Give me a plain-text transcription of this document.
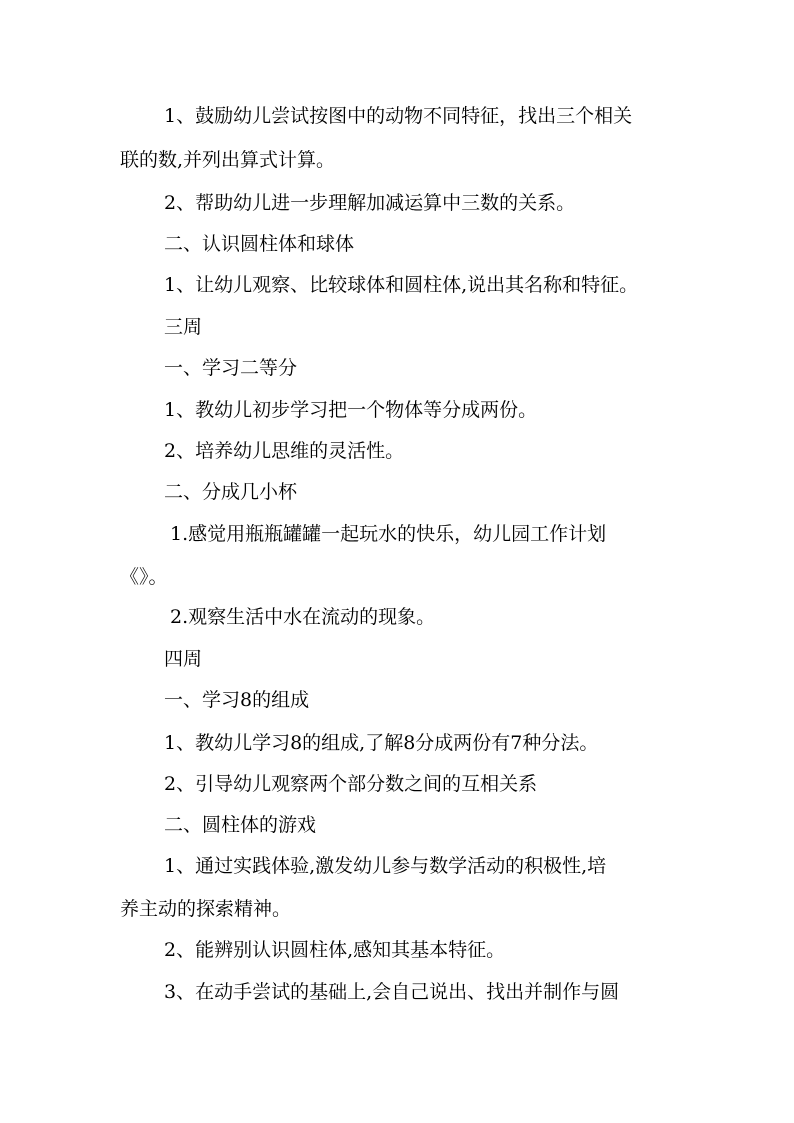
1、鼓励幼儿尝试按图中的动物不同特征，找出三个相关
联的数,并列出算式计算。
2、帮助幼儿进一步理解加减运算中三数的关系。
二、认识圆柱体和球体
1、让幼儿观察、比较球体和圆柱体,说出其名称和特征。
三周
一、学习二等分
1、教幼儿初步学习把一个物体等分成两份。
2、培养幼儿思维的灵活性。
二、分成几小杯
1.感觉用瓶瓶罐罐一起玩水的快乐，幼儿园工作计划
《》。
2.观察生活中水在流动的现象。
四周
一、学习8的组成
1、教幼儿学习8的组成,了解8分成两份有7种分法。
2、引导幼儿观察两个部分数之间的互相关系
二、圆柱体的游戏
1、通过实践体验,激发幼儿参与数学活动的积极性,培
养主动的探索精神。
2、能辨别认识圆柱体,感知其基本特征。
3、在动手尝试的基础上,会自己说出、找出并制作与圆
